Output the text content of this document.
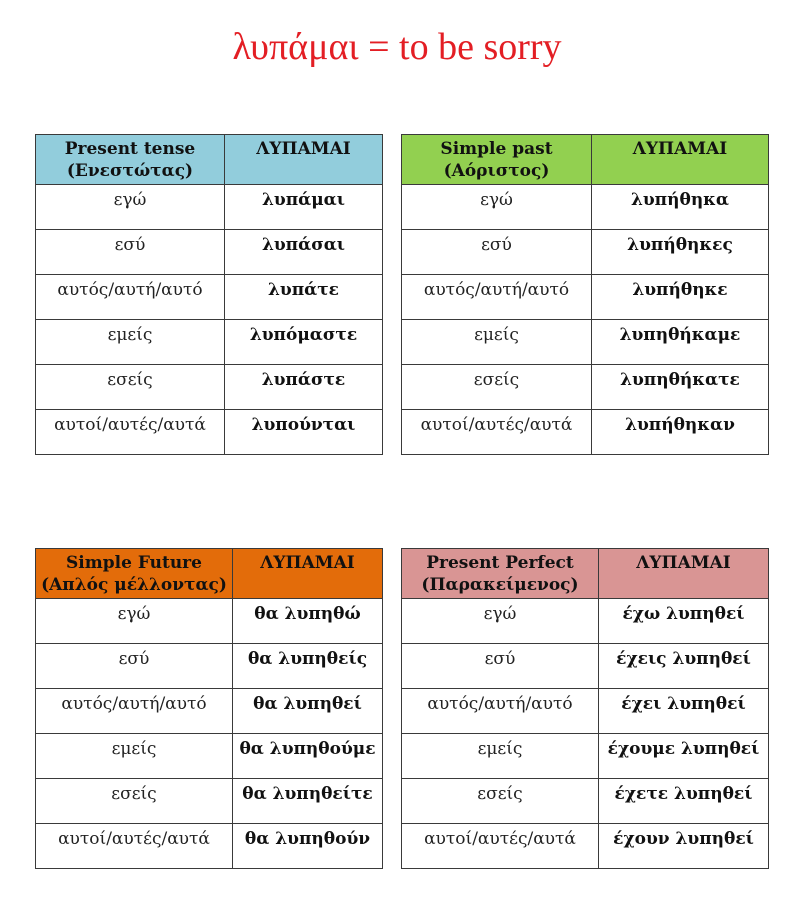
λυπάμαι = to be sorry
Present tense
(Ενεστώτας)	ΛΥΠΑΜΑΙ
εγώ	λυπάμαι
εσύ	λυπάσαι
αυτός/αυτή/αυτό	λυπάτε
εμείς	λυπόμαστε
εσείς	λυπάστε
αυτοί/αυτές/αυτά	λυπούνται
Simple past
(Αόριστος)	ΛΥΠΑΜΑΙ
εγώ	λυπήθηκα
εσύ	λυπήθηκες
αυτός/αυτή/αυτό	λυπήθηκε
εμείς	λυπηθήκαμε
εσείς	λυπηθήκατε
αυτοί/αυτές/αυτά	λυπήθηκαν
Simple Future
(Απλός μέλλοντας)	ΛΥΠΑΜΑΙ
εγώ	θα λυπηθώ
εσύ	θα λυπηθείς
αυτός/αυτή/αυτό	θα λυπηθεί
εμείς	θα λυπηθούμε
εσείς	θα λυπηθείτε
αυτοί/αυτές/αυτά	θα λυπηθούν
Present Perfect
(Παρακείμενος)	ΛΥΠΑΜΑΙ
εγώ	έχω λυπηθεί
εσύ	έχεις λυπηθεί
αυτός/αυτή/αυτό	έχει λυπηθεί
εμείς	έχουμε λυπηθεί
εσείς	έχετε λυπηθεί
αυτοί/αυτές/αυτά	έχουν λυπηθεί
